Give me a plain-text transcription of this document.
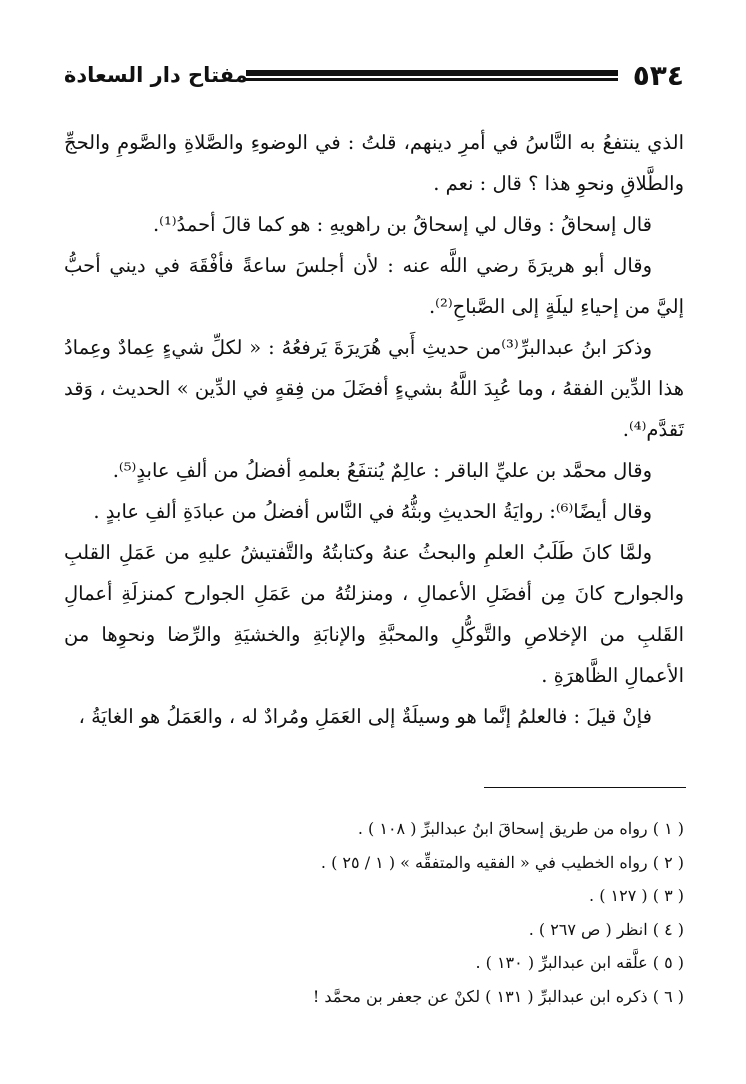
٥٣٤
مفتاح دار السعادة

الذي ينتفعُ به النَّاسُ في أمرِ دينهم، قلتُ : في الوضوءِ والصَّلاةِ والصَّومِ والحجِّ والطَّلاقِ ونحوِ هذا ؟ قال : نعم .

قال إسحاقُ : وقال لي إسحاقُ بن راهويهِ : هو كما قالَ أحمدُ⁽¹⁾.

وقال أبو هريرَةَ رضي اللَّه عنه : لأن أجلسَ ساعةً فأفْقَهَ في ديني أحبُّ إليَّ من إحياءِ ليلَةٍ إلى الصَّباحِ⁽²⁾.

وذكرَ ابنُ عبدالبرِّ⁽³⁾من حديثِ أَبي هُرَيرَةَ يَرفعُهُ : « لكلِّ شيءٍ عِمادٌ وعِمادُ هذا الدِّين الفقهُ ، وما عُبِدَ اللَّهُ بشيءٍ أفضَلَ من فِقهٍ في الدِّين » الحديث ، وَقد تَقدَّم⁽⁴⁾.

وقال محمَّد بن عليِّ الباقر : عالِمٌ يُنتفَعُ بعلمهِ أفضلُ من ألفِ عابدٍ⁽⁵⁾.

وقال أيضًا⁽⁶⁾: روايَةُ الحديثِ وبثُّهُ في النَّاس أفضلُ من عبادَةِ ألفِ عابدٍ .

ولمَّا كانَ طَلَبُ العلمِ والبحثُ عنهُ وكتابتُهُ والتَّفتيشُ عليهِ من عَمَلِ القلبِ والجوارح كانَ مِن أفضَلِ الأعمالِ ، ومنزلتُهُ من عَمَلِ الجوارح كمنزلَةِ أعمالِ القَلبِ من الإخلاصِ والتَّوكُّلِ والمحبَّةِ والإنابَةِ والخشيَةِ والرِّضا ونحوِها من الأعمالِ الظَّاهرَةِ .

فإنْ قيلَ : فالعلمُ إنَّما هو وسيلَةٌ إلى العَمَلِ ومُرادٌ له ، والعَمَلُ هو الغايَةُ ،

( ١ ) رواه من طريق إسحاقَ ابنُ عبدالبرِّ ( ١٠٨ ) .
( ٢ ) رواه الخطيب في « الفقيه والمتفقِّه » ( ١ / ٢٥ ) .
( ٣ ) ( ١٢٧ ) .
( ٤ ) انظر ( ص ٢٦٧ ) .
( ٥ ) علَّقه ابن عبدالبرِّ ( ١٣٠ ) .
( ٦ ) ذكره ابن عبدالبرِّ ( ١٣١ ) لكنْ عن جعفر بن محمَّد !
